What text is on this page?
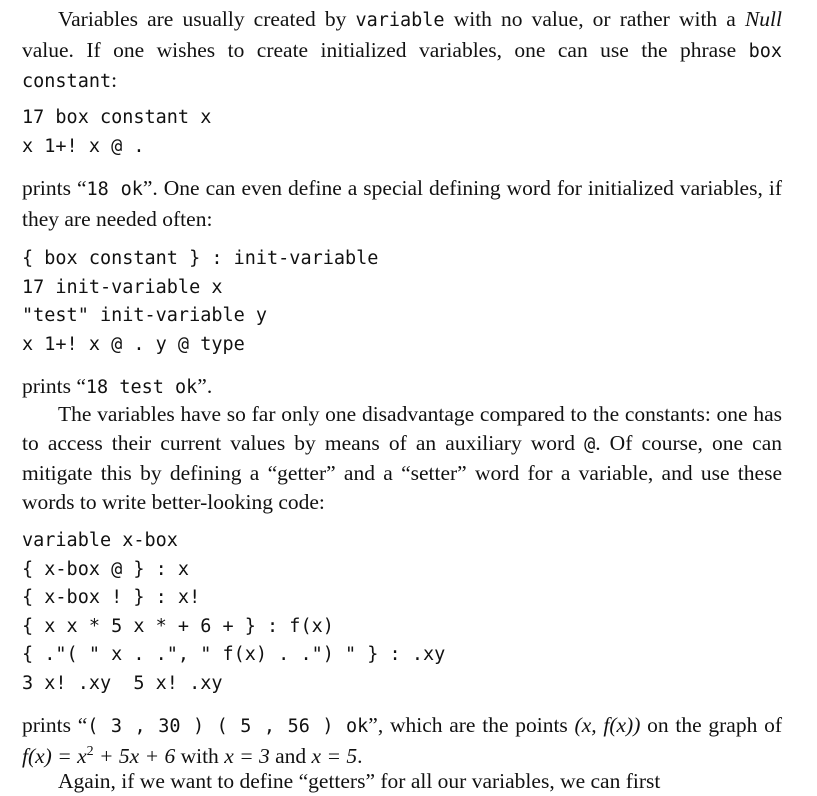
Variables are usually created by variable with no value, or rather with a Null value. If one wishes to create initialized variables, one can use the phrase box constant:

17 box constant x
x 1+! x @ .

prints “18 ok”. One can even define a special defining word for initialized variables, if they are needed often:

{ box constant } : init-variable
17 init-variable x
"test" init-variable y
x 1+! x @ . y @ type

prints “18 test ok”.

The variables have so far only one disadvantage compared to the constants: one has to access their current values by means of an auxiliary word @. Of course, one can mitigate this by defining a “getter” and a “setter” word for a variable, and use these words to write better-looking code:

variable x-box
{ x-box @ } : x
{ x-box ! } : x!
{ x x * 5 x * + 6 + } : f(x)
{ ."( " x . .", " f(x) . .") " } : .xy
3 x! .xy  5 x! .xy

prints “( 3 , 30 ) ( 5 , 56 ) ok”, which are the points (x, f(x)) on the graph of $f(x) = x^2 + 5x + 6$ with x = 3 and x = 5.

Again, if we want to define “getters” for all our variables, we can first
